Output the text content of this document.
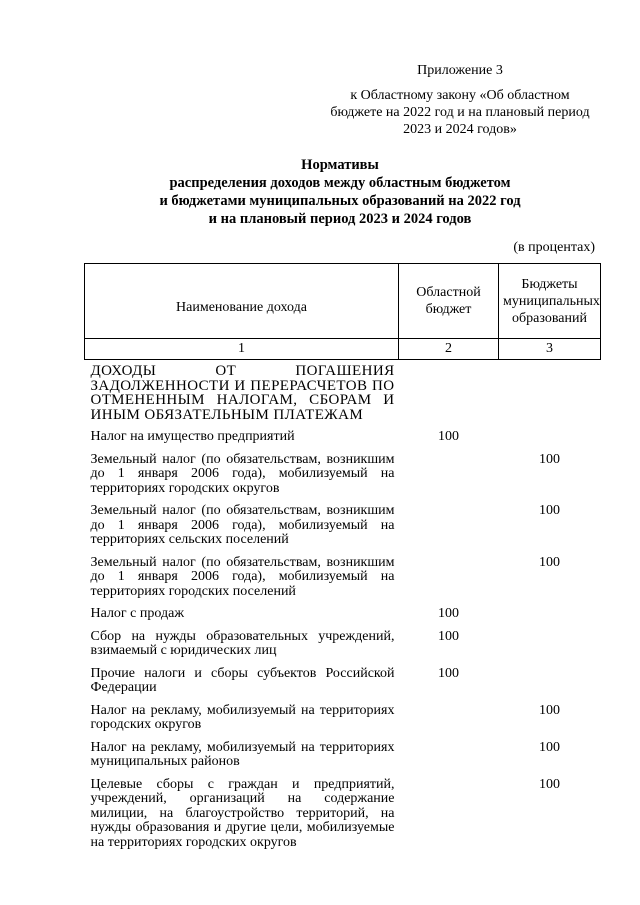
Приложение 3
к Областному закону «Об областном бюджете на 2022 год и на плановый период 2023 и 2024 годов»
Нормативы
распределения доходов между областным бюджетом
и бюджетами муниципальных образований на 2022 год
и на плановый период 2023 и 2024 годов
(в процентах)
Наименование дохода	Областной бюджет	Бюджеты муниципальных образований
1	2	3
ДОХОДЫ ОТ ПОГАШЕНИЯ ЗАДОЛЖЕННОСТИ И ПЕРЕРАСЧЕТОВ ПО ОТМЕНЕННЫМ НАЛОГАМ, СБОРАМ И ИНЫМ ОБЯЗАТЕЛЬНЫМ ПЛАТЕЖАМ		
Налог на имущество предприятий	100	
Земельный налог (по обязательствам, возникшим до 1 января 2006 года), мобилизуемый на территориях городских округов		100
Земельный налог (по обязательствам, возникшим до 1 января 2006 года), мобилизуемый на территориях сельских поселений		100
Земельный налог (по обязательствам, возникшим до 1 января 2006 года), мобилизуемый на территориях городских поселений		100
Налог с продаж	100	
Сбор на нужды образовательных учреждений, взимаемый с юридических лиц	100	
Прочие налоги и сборы субъектов Российской Федерации	100	
Налог на рекламу, мобилизуемый на территориях городских округов		100
Налог на рекламу, мобилизуемый на территориях муниципальных районов		100
Целевые сборы с граждан и предприятий, учреждений, организаций на содержание милиции, на благоустройство территорий, на нужды образования и другие цели, мобилизуемые на территориях городских округов		100
